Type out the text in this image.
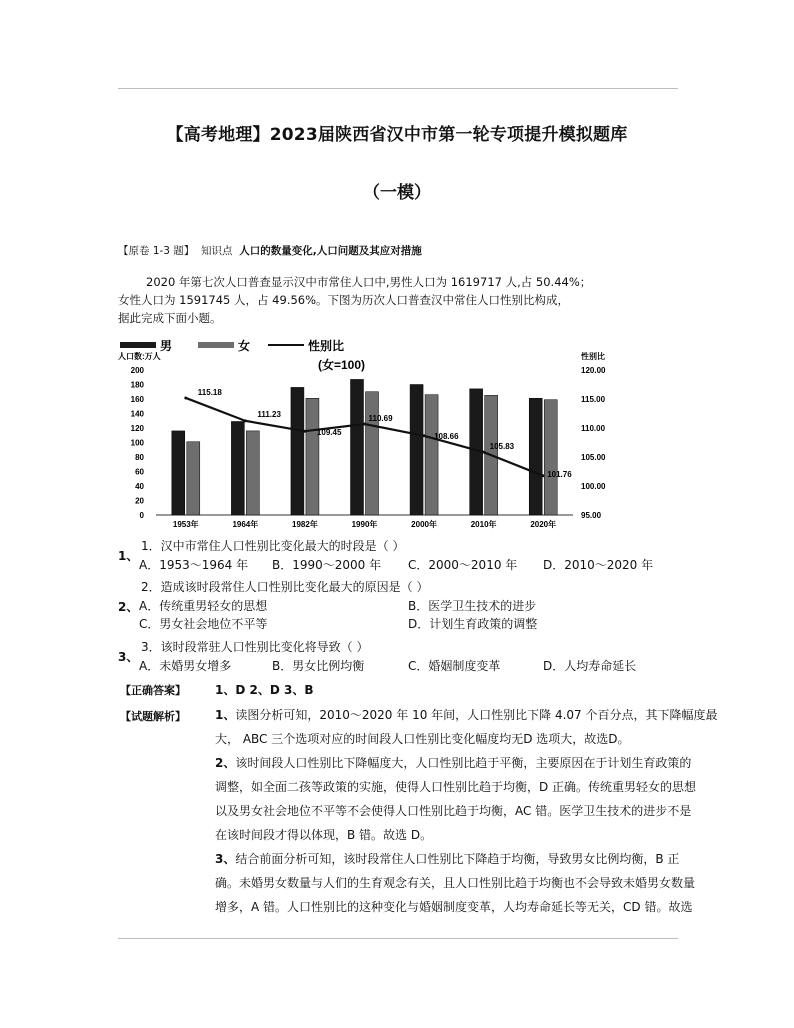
【高考地理】2023届陕西省汉中市第一轮专项提升模拟题库
（一模）
【原卷 1-3 题】 知识点 人口的数量变化,人口问题及其应对措施
2020 年第七次人口普查显示汉中市常住人口中,男性人口为 1619717 人,占 50.44%；
女性人口为 1591745 人，占 49.56%。下图为历次人口普查汉中常住人口性别比构成，
据此完成下面小题。
男	女	性别比
(女=100)
人口数:万人	性别比
0
20
40
60
80
100
120
140
160
180
200
95.00
100.00
105.00
110.00
115.00
120.00
1953年	1964年	1982年	1990年	2000年	2010年	2020年
115.18
111.23
109.45
110.69
108.66
105.83
101.76
1、
1．汉中市常住人口性别比变化最大的时段是（ ）
A．1953～1964 年 B．1990～2000 年 C．2000～2010 年 D．2010～2020 年
2、
2．造成该时段常住人口性别比变化最大的原因是（ ）
A．传统重男轻女的思想	B．医学卫生技术的进步
C．男女社会地位不平等	D．计划生育政策的调整
3、
3．该时段常驻人口性别比变化将导致（ ）
A．未婚男女增多	B．男女比例均衡	C．婚姻制度变革	D．人均寿命延长
【正确答案】 1、D 2、D 3、B
【试题解析】 1、读图分析可知，2010～2020 年 10 年间，人口性别比下降 4.07 个百分点，其下降幅度最

大， ABC 三个选项对应的时间段人口性别比变化幅度均无D 选项大，故选D。

2、该时间段人口性别比下降幅度大，人口性别比趋于平衡，主要原因在于计划生育政策的

调整，如全面二孩等政策的实施，使得人口性别比趋于均衡，D 正确。传统重男轻女的思想

以及男女社会地位不平等不会使得人口性别比趋于均衡，AC 错。医学卫生技术的进步不是

在该时间段才得以体现，B 错。故选 D。

3、结合前面分析可知，该时段常住人口性别比下降趋于均衡，导致男女比例均衡，B 正

确。未婚男女数量与人们的生育观念有关，且人口性别比趋于均衡也不会导致未婚男女数量

增多，A 错。人口性别比的这种变化与婚姻制度变革，人均寿命延长等无关，CD 错。故选
